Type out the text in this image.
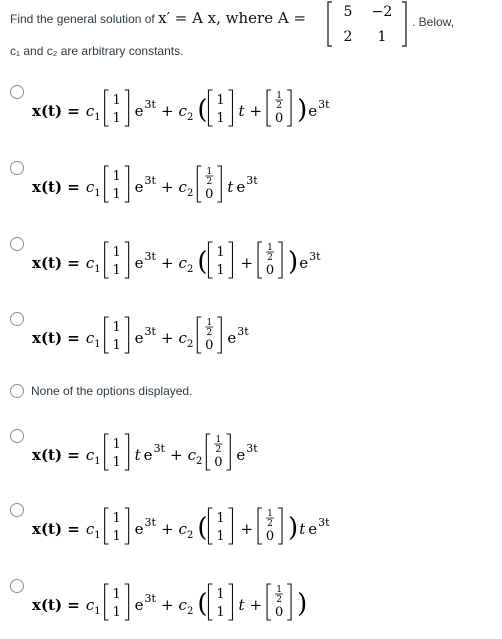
Find the general solution of x′ = A x, where A =	5 −2
2 1
. Below,
c₁ and c₂ are arbitrary constants.
x(t) = c 1
1
1 e 3t + c 2 ( 1
1 t +
1
2
0 ) e 3t
x(t) = c 1
1
1 e 3t + c 2
1
2
0 t e 3t
x(t) = c 1
1
1 e 3t + c 2 ( 1
1 +
1
2
0 ) e 3t
x(t) = c 1
1
1 e 3t + c 2
1
2
0 e 3t
None of the options displayed.
x(t) = c 1
1
1 t e 3t + c 2
1
2
0 e 3t
x(t) = c 1
1
1 e 3t + c 2 ( 1
1 +
1
2
0 ) t e 3t
x(t) = c 1
1
1 e 3t + c 2 ( 1
1 t +
1
2
0 )
